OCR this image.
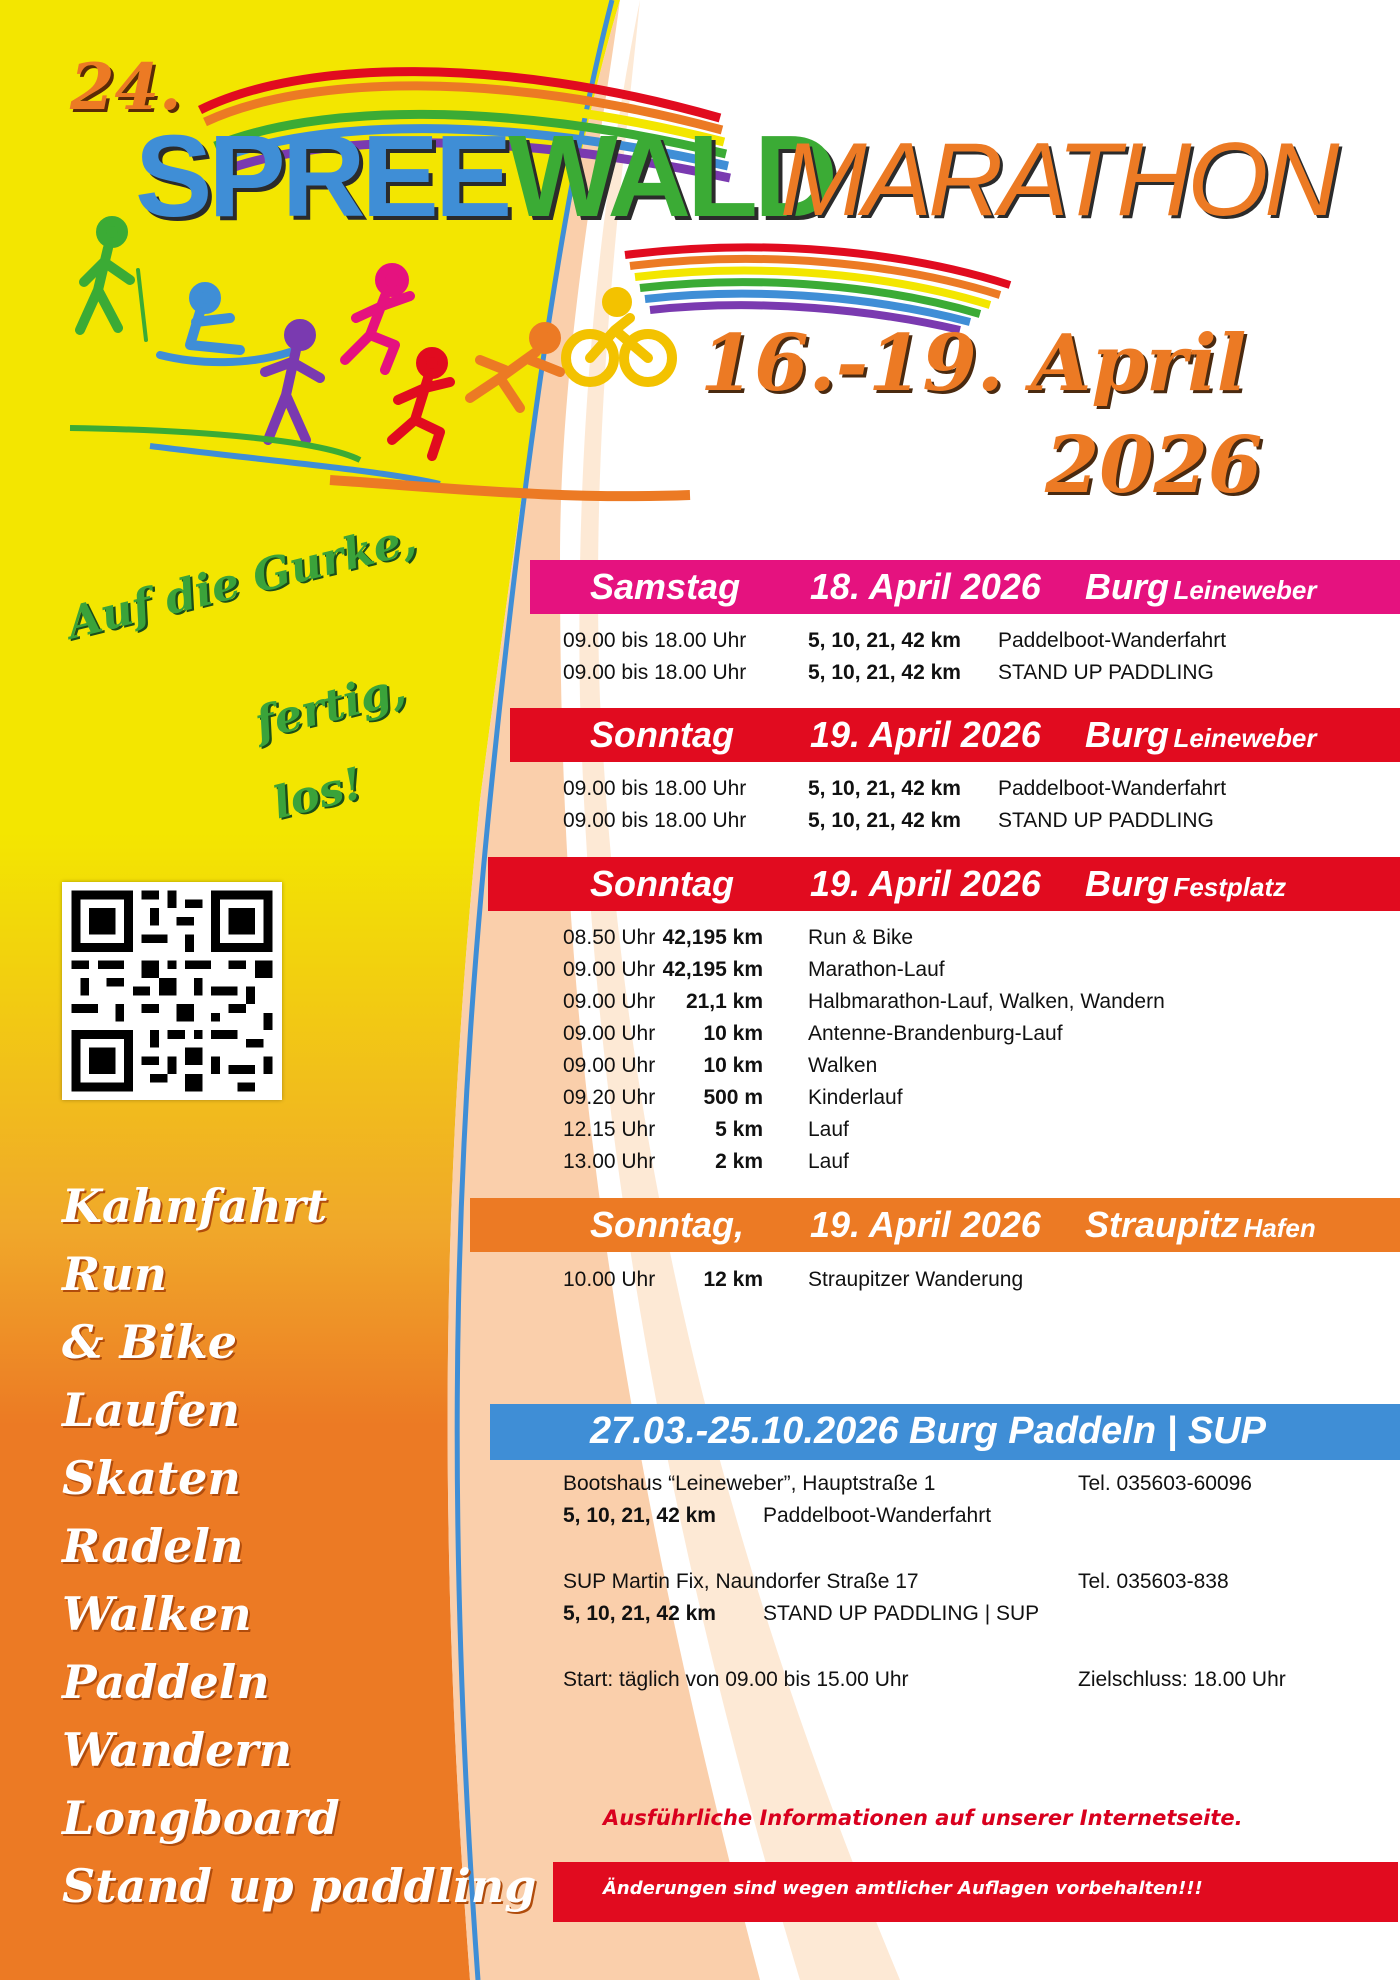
24.
SPREEWALD
MARATHON
16.-19. April
2026
Auf die Gurke,
fertig,
los!
Kahnfahrt
Run
& Bike
Laufen
Skaten
Radeln
Walken
Paddeln
Wandern
Longboard
Stand up paddling
Samstag 18. April 2026 Burg Leineweber
09.00 bis 18.00 Uhr	5, 10, 21, 42 km Paddelboot-Wanderfahrt
09.00 bis 18.00 Uhr	5, 10, 21, 42 km STAND UP PADDLING
Sonntag 19. April 2026 Burg Leineweber
09.00 bis 18.00 Uhr	5, 10, 21, 42 km Paddelboot-Wanderfahrt
09.00 bis 18.00 Uhr	5, 10, 21, 42 km STAND UP PADDLING
Sonntag 19. April 2026 Burg Festplatz
08.50 Uhr 42,195 km Run & Bike
09.00 Uhr 42,195 km Marathon-Lauf
09.00 Uhr	21,1 km Halbmarathon-Lauf, Walken, Wandern
09.00 Uhr	10 km Antenne-Brandenburg-Lauf
09.00 Uhr	10 km Walken
09.20 Uhr	500 m Kinderlauf
12.15 Uhr	5 km Lauf
13.00 Uhr	2 km Lauf
Sonntag, 19. April 2026 Straupitz Hafen
10.00 Uhr	12 km Straupitzer Wanderung
27.03.-25.10.2026 Burg Paddeln | SUP
Bootshaus “Leineweber”, Hauptstraße 1	Tel. 035603-60096
5, 10, 21, 42 km Paddelboot-Wanderfahrt
SUP Martin Fix, Naundorfer Straße 17	Tel. 035603-838
5, 10, 21, 42 km STAND UP PADDLING | SUP
Start: täglich von 09.00 bis 15.00 Uhr	Zielschluss: 18.00 Uhr
Ausführliche Informationen auf unserer Internetseite.
Änderungen sind wegen amtlicher Auflagen vorbehalten!!!
